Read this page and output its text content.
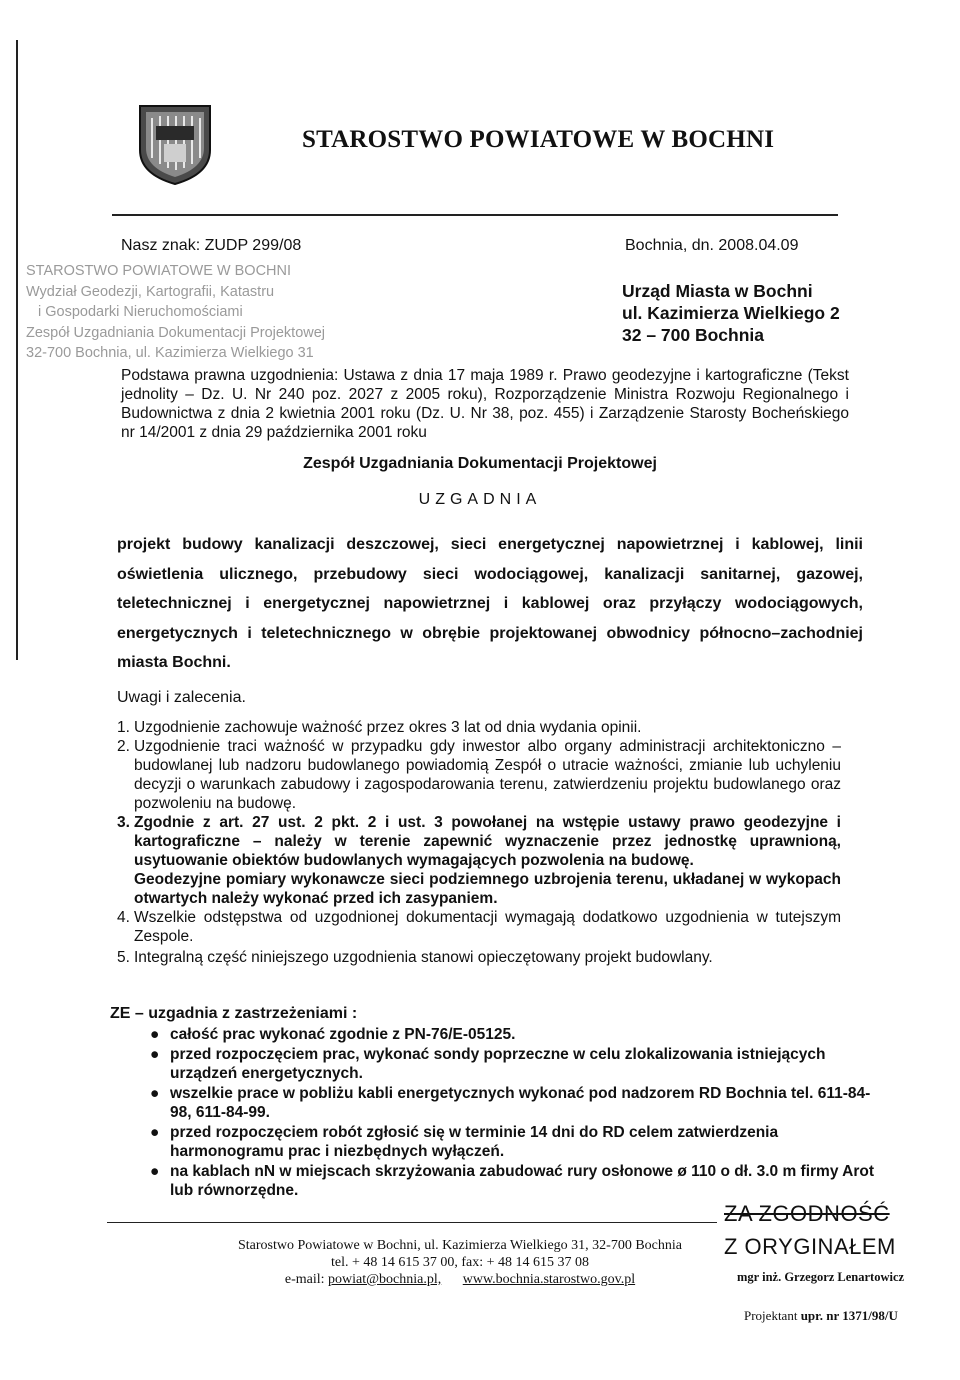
STAROSTWO POWIATOWE W BOCHNI
Nasz znak: ZUDP 299/08
STAROSTWO POWIATOWE W BOCHNI
Wydział Geodezji, Kartografii, Katastru
i Gospodarki Nieruchomościami
Zespół Uzgadniania Dokumentacji Projektowej
32-700 Bochnia, ul. Kazimierza Wielkiego 31
Bochnia, dn. 2008.04.09
Urząd Miasta w Bochni
ul. Kazimierza Wielkiego 2
32 – 700 Bochnia
Podstawa prawna uzgodnienia: Ustawa z dnia 17 maja 1989 r. Prawo geodezyjne i kartograficzne (Tekst jednolity – Dz. U. Nr 240 poz. 2027 z 2005 roku), Rozporządzenie Ministra Rozwoju Regionalnego i Budownictwa z dnia 2 kwietnia 2001 roku (Dz. U. Nr 38, poz. 455) i Zarządzenie Starosty Bocheńskiego nr 14/2001 z dnia 29 października 2001 roku
Zespół Uzgadniania Dokumentacji Projektowej
UZGADNIA
projekt budowy kanalizacji deszczowej, sieci energetycznej napowietrznej i kablowej, linii oświetlenia ulicznego, przebudowy sieci wodociągowej, kanalizacji sanitarnej, gazowej, teletechnicznej i energetycznej napowietrznej i kablowej oraz przyłączy wodociągowych, energetycznych i teletechnicznego w obrębie projektowanej obwodnicy północno–zachodniej miasta Bochni.
Uwagi i zalecenia.
1. Uzgodnienie zachowuje ważność przez okres 3 lat od dnia wydania opinii.
2. Uzgodnienie traci ważność w przypadku gdy inwestor albo organy administracji architektoniczno – budowlanej lub nadzoru budowlanego powiadomią Zespół o utracie ważności, zmianie lub uchyleniu decyzji o warunkach zabudowy i zagospodarowania terenu, zatwierdzeniu projektu budowlanego oraz pozwoleniu na budowę.
3. Zgodnie z art. 27 ust. 2 pkt. 2 i ust. 3 powołanej na wstępie ustawy prawo geodezyjne i kartograficzne – należy w terenie zapewnić wyznaczenie przez jednostkę uprawnioną, usytuowanie obiektów budowlanych wymagających pozwolenia na budowę.
Geodezyjne pomiary wykonawcze sieci podziemnego uzbrojenia terenu, układanej w wykopach otwartych należy wykonać przed ich zasypaniem.
4. Wszelkie odstępstwa od uzgodnionej dokumentacji wymagają dodatkowo uzgodnienia w tutejszym Zespole.
5. Integralną część niniejszego uzgodnienia stanowi opieczętowany projekt budowlany.
ZE – uzgadnia z zastrzeżeniami :
● całość prac wykonać zgodnie z PN-76/E-05125.
● przed rozpoczęciem prac, wykonać sondy poprzeczne w celu zlokalizowania istniejących urządzeń energetycznych.
● wszelkie prace w pobliżu kabli energetycznych wykonać pod nadzorem RD Bochnia tel. 611-84-98, 611-84-99.
● przed rozpoczęciem robót zgłosić się w terminie 14 dni do RD celem zatwierdzenia harmonogramu prac i niezbędnych wyłączeń.
● na kablach nN w miejscach skrzyżowania zabudować rury osłonowe ø 110 o dł. 3.0 m firmy Arot lub równorzędne.
Starostwo Powiatowe w Bochni, ul. Kazimierza Wielkiego 31, 32-700 Bochnia
tel. + 48 14 615 37 00, fax: + 48 14 615 37 08
e-mail: powiat@bochnia.pl, www.bochnia.starostwo.gov.pl
ZA ZGODNOŚĆ
Z ORYGINAŁEM
mgr inż. Grzegorz Lenartowicz
Projektant upr. nr 1371/98/U
